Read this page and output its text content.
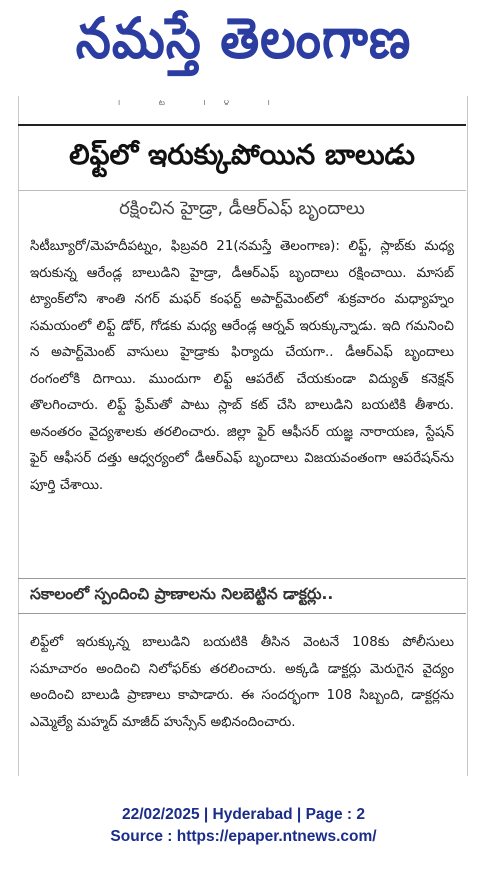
నమస్తే తెలంగాణ
౹ ట ౹౪ ౹
లిఫ్ట్‌లో ఇరుక్కుపోయిన బాలుడు
రక్షించిన హైడ్రా, డీఆర్‌ఎఫ్ బృందాలు
సిటీబ్యూరో/మెహదీపట్నం, ఫిబ్రవరి 21(నమస్తే తెలంగాణ): లిఫ్ట్, స్లాబ్‌కు మధ్య ఇరుకున్న ఆరేండ్ల బాలుడిని హైడ్రా, డీఆర్‌ఎఫ్ బృందాలు రక్షించాయి. మాసబ్ ట్యాంక్‌లోని శాంతి నగర్ మఫర్ కంఫర్ట్ అపార్ట్‌మెంట్‌లో శుక్రవారం మధ్యాహ్నం సమయంలో లిఫ్ట్ డోర్, గోడకు మధ్య ఆరేండ్ల ఆర్నవ్ ఇరుక్కున్నాడు. ఇది గమనించి న అపార్ట్‌మెంట్ వాసులు హైడ్రాకు ఫిర్యాదు చేయగా.. డీఆర్‌ఎఫ్ బృందాలు రంగంలోకి దిగాయి. ముందుగా లిఫ్ట్ ఆపరేట్ చేయకుండా విద్యుత్ కనెక్షన్ తొలగించారు. లిఫ్ట్ ఫ్రేమ్‌తో పాటు స్లాబ్ కట్ చేసి బాలుడిని బయటికి తీశారు. అనంతరం వైద్యశాలకు తరలించారు. జిల్లా ఫైర్ ఆఫీసర్ యజ్ఞ నారాయణ, స్టేషన్ ఫైర్ ఆఫీసర్ దత్తు ఆధ్వర్యంలో డీఆర్‌ఎఫ్ బృందాలు విజయవంతంగా ఆపరేషన్‌ను పూర్తి చేశాయి.
సకాలంలో స్పందించి ప్రాణాలను నిలబెట్టిన డాక్టర్లు..
లిఫ్ట్‌లో ఇరుక్కున్న బాలుడిని బయటికి తీసిన వెంటనే 108కు పోలీసులు సమాచారం అందించి నిలోఫర్‌కు తరలించారు. అక్కడి డాక్టర్లు మెరుగైన వైద్యం అందించి బాలుడి ప్రాణాలు కాపాడారు. ఈ సందర్భంగా 108 సిబ్బంది, డాక్టర్లను ఎమ్మెల్యే మహ్మద్ మాజీద్ హుస్సేన్ అభినందించారు.
22/02/2025 | Hyderabad | Page : 2
Source : https://epaper.ntnews.com/
